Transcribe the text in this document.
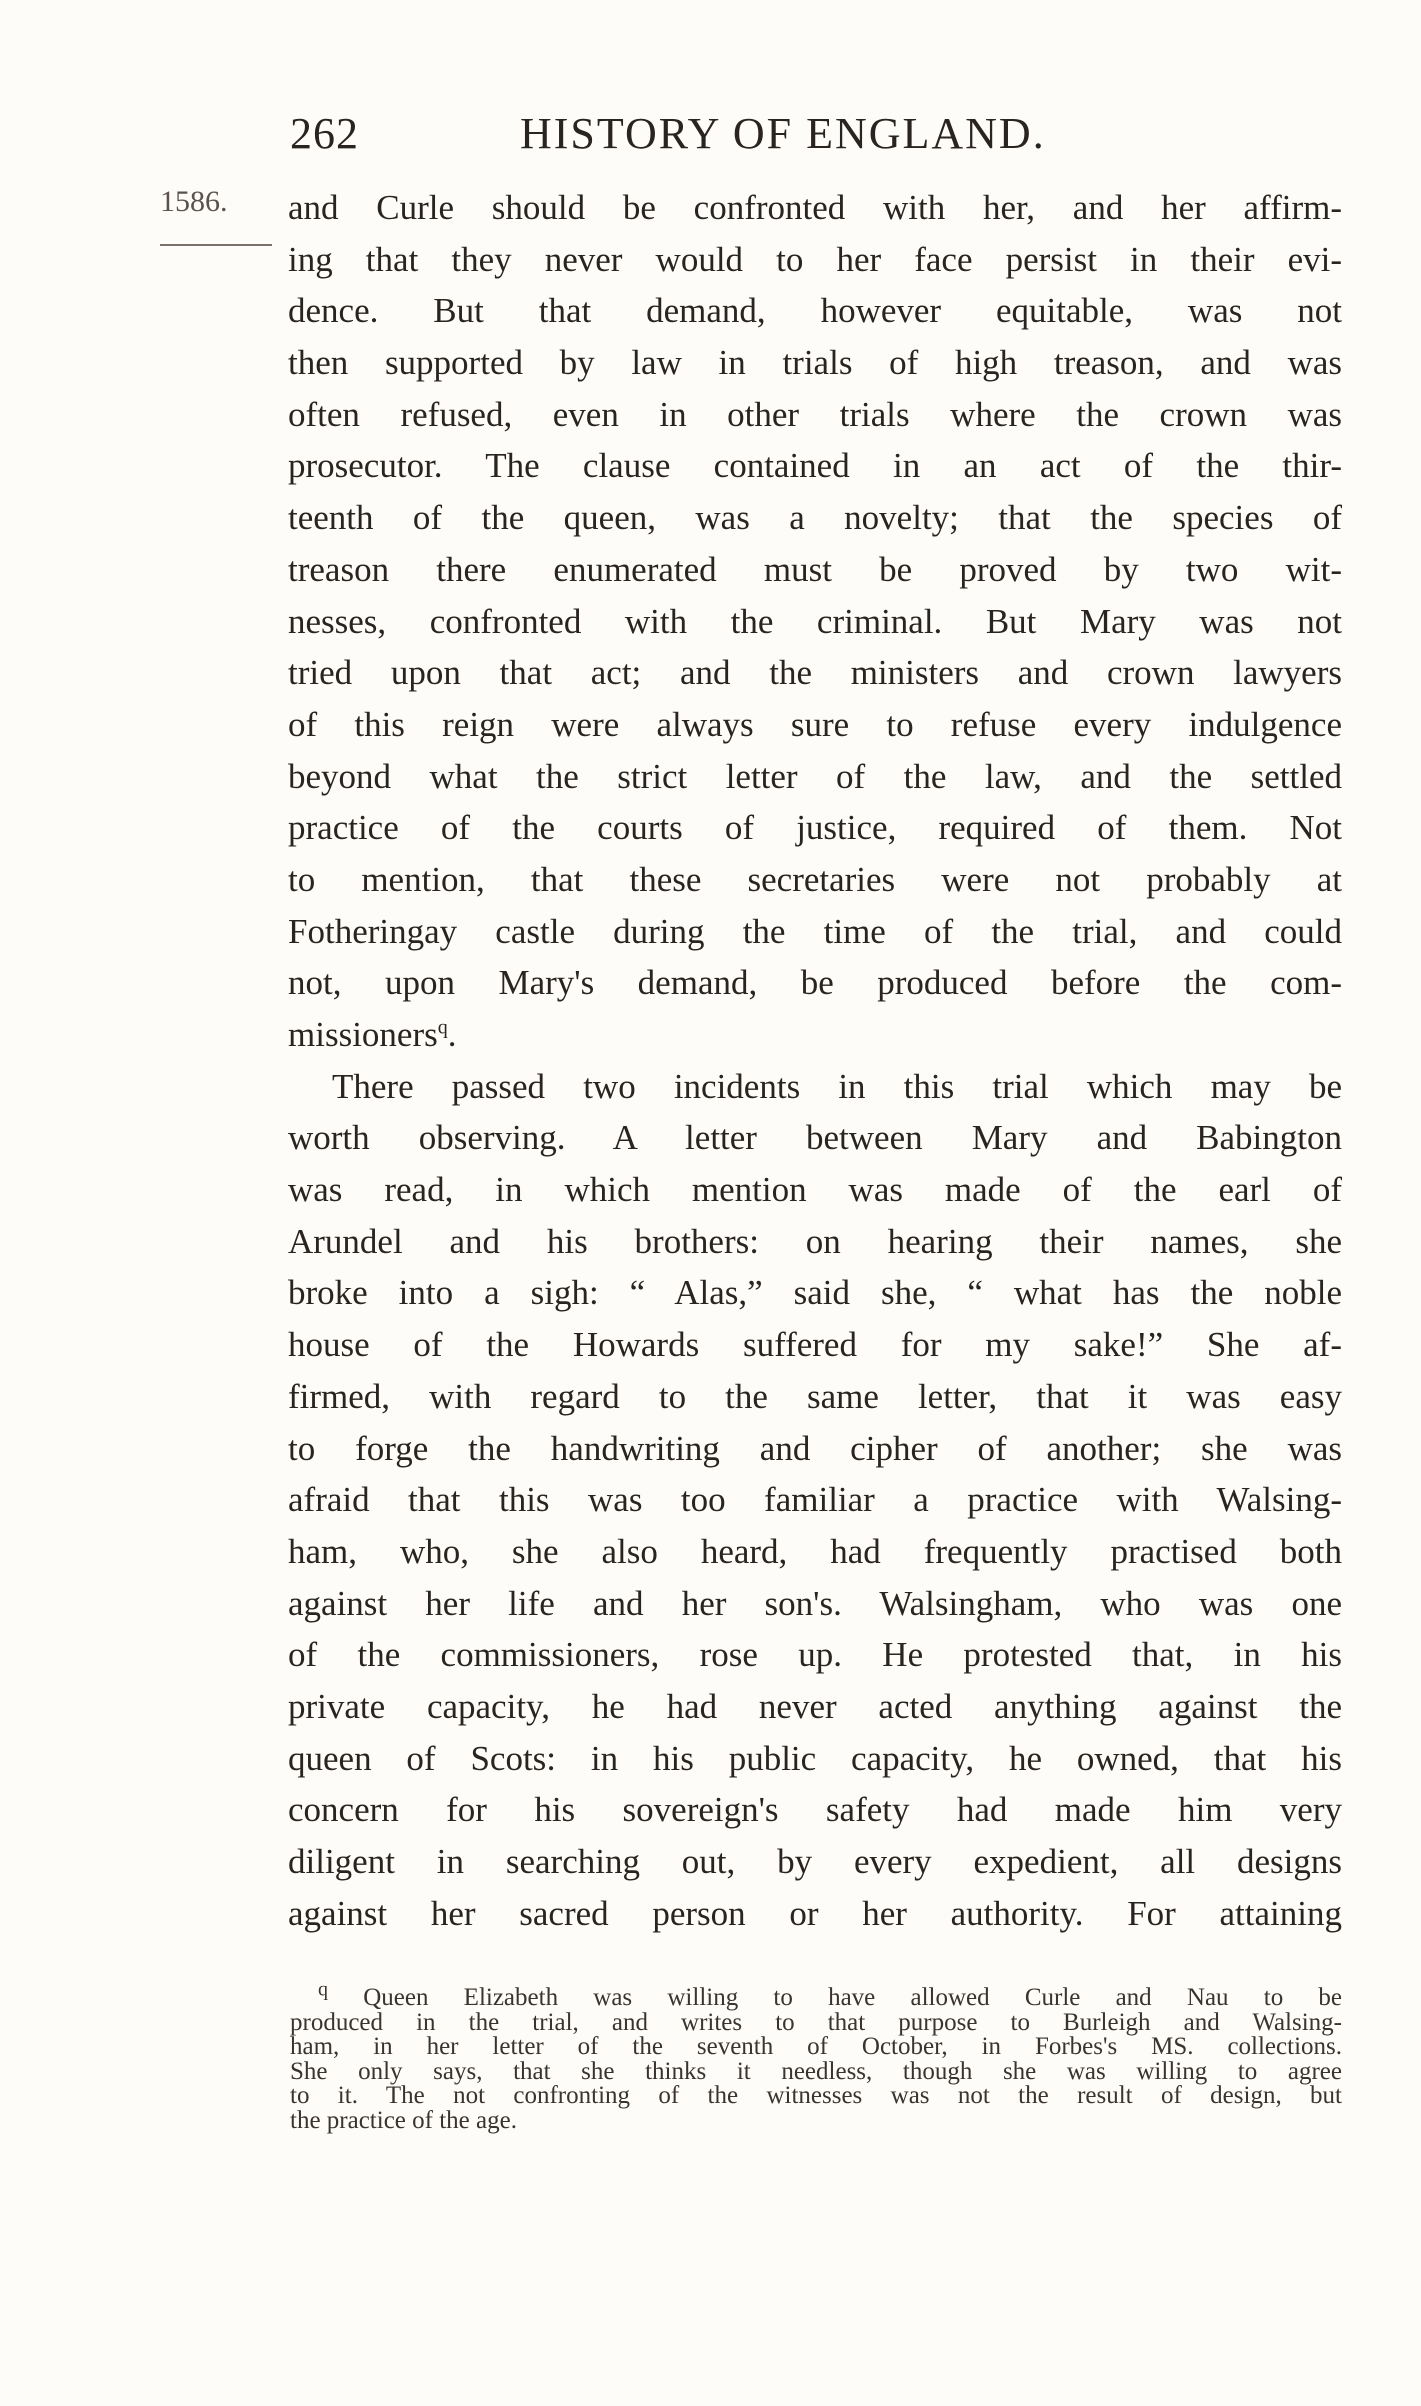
262	HISTORY OF ENGLAND.
1586. and Curle should be confronted with her, and her affirm-
ing that they never would to her face persist in their evi-
dence. But that demand, however equitable, was not
then supported by law in trials of high treason, and was
often refused, even in other trials where the crown was
prosecutor. The clause contained in an act of the thir-
teenth of the queen, was a novelty; that the species of
treason there enumerated must be proved by two wit-
nesses, confronted with the criminal. But Mary was not
tried upon that act; and the ministers and crown lawyers
of this reign were always sure to refuse every indulgence
beyond what the strict letter of the law, and the settled
practice of the courts of justice, required of them. Not
to mention, that these secretaries were not probably at
Fotheringay castle during the time of the trial, and could
not, upon Mary's demand, be produced before the com-
missioners$^q$.
There passed two incidents in this trial which may be
worth observing. A letter between Mary and Babington
was read, in which mention was made of the earl of
Arundel and his brothers: on hearing their names, she
broke into a sigh: “ Alas,” said she, “ what has the noble
house of the Howards suffered for my sake!” She af-
firmed, with regard to the same letter, that it was easy
to forge the handwriting and cipher of another; she was
afraid that this was too familiar a practice with Walsing-
ham, who, she also heard, had frequently practised both
against her life and her son's. Walsingham, who was one
of the commissioners, rose up. He protested that, in his
private capacity, he had never acted anything against the
queen of Scots: in his public capacity, he owned, that his
concern for his sovereign's safety had made him very
diligent in searching out, by every expedient, all designs
against her sacred person or her authority. For attaining
$^q$ Queen Elizabeth was willing to have allowed Curle and Nau to be
produced in the trial, and writes to that purpose to Burleigh and Walsing-
ham, in her letter of the seventh of October, in Forbes's MS. collections.
She only says, that she thinks it needless, though she was willing to agree
to it. The not confronting of the witnesses was not the result of design, but
the practice of the age.
